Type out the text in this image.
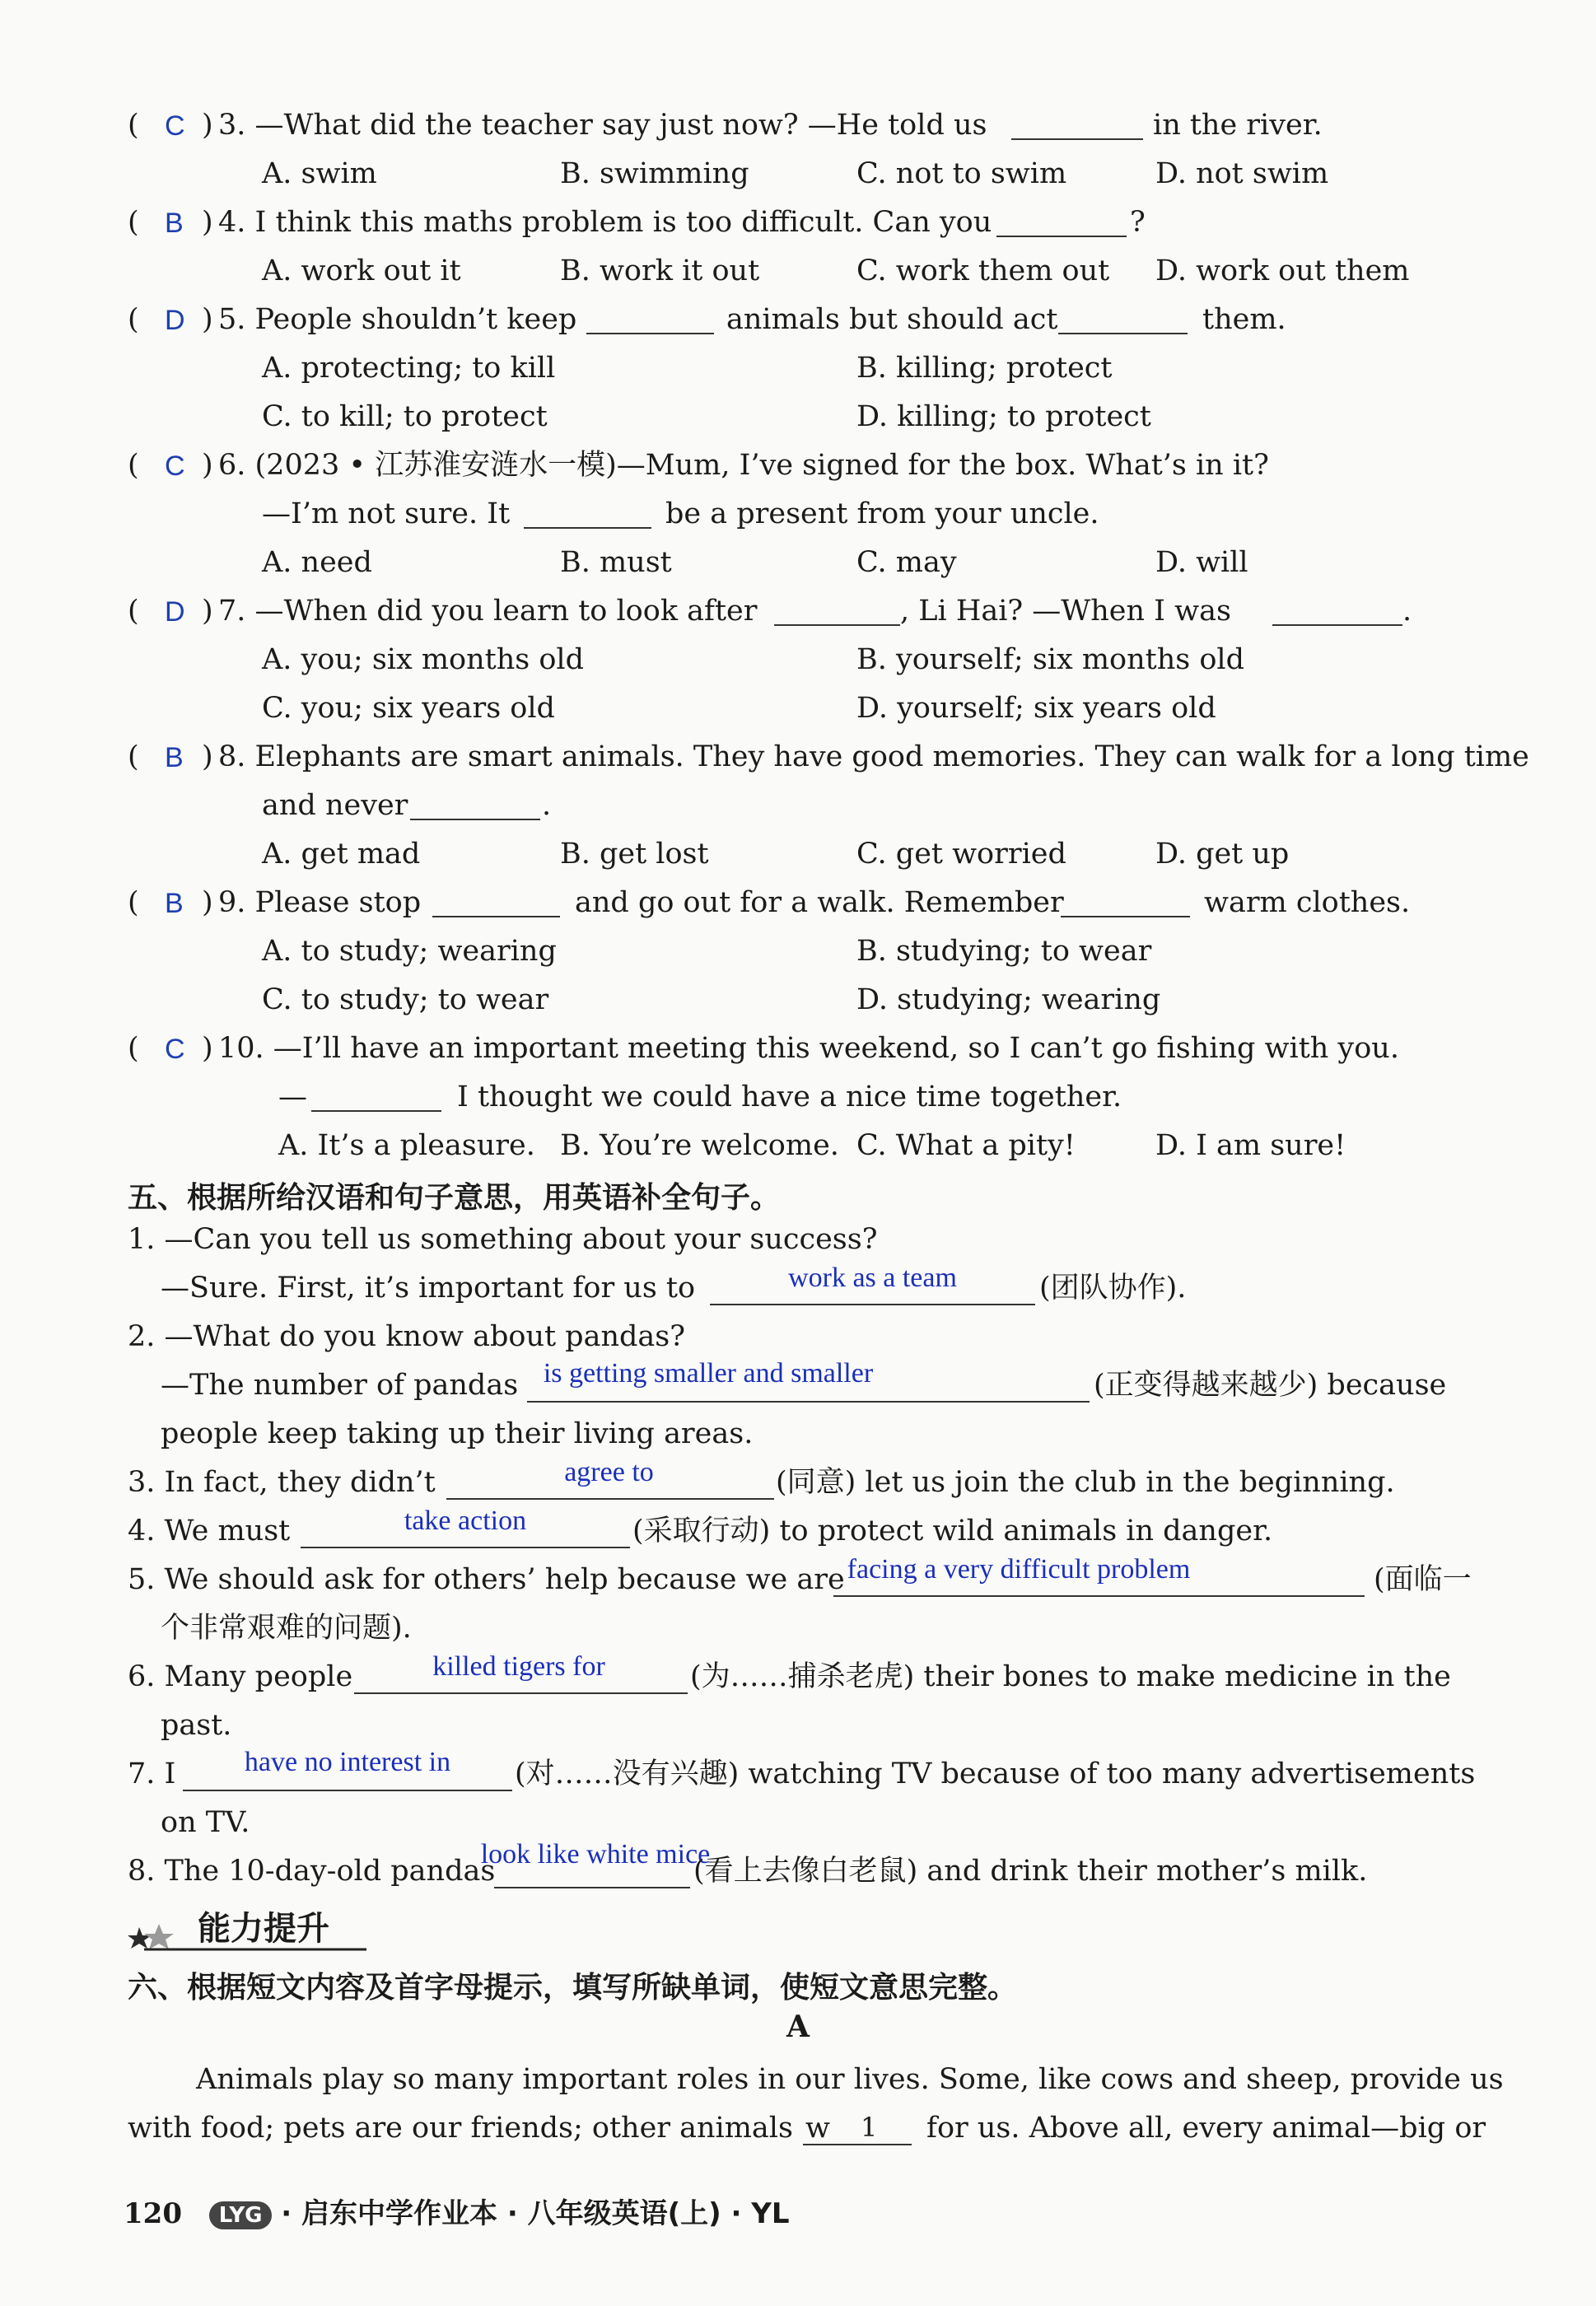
( C ) 3. —What did the teacher say just now? —He told us	in the river.
A. swim	B. swimming	C. not to swim	D. not swim
( B ) 4. I think this maths problem is too difficult. Can you	?
A. work out it	B. work it out	C. work them out D. work out them
( D ) 5. People shouldn’t keep	animals but should act	them.
A. protecting; to kill	B. killing; protect
C. to kill; to protect	D. killing; to protect
( C ) 6. (2023 • 江苏淮安涟水一模)—Mum, I’ve signed for the box. What’s in it?
—I’m not sure. It	be a present from your uncle.
A. need	B. must	C. may	D. will
( D ) 7. —When did you learn to look after	, Li Hai? —When I was	.
A. you; six months old	B. yourself; six months old
C. you; six years old	D. yourself; six years old
( B ) 8. Elephants are smart animals. They have good memories. They can walk for a long time
and never	.
A. get mad	B. get lost	C. get worried	D. get up
( B ) 9. Please stop	and go out for a walk. Remember	warm clothes.
A. to study; wearing	B. studying; to wear
C. to study; to wear	D. studying; wearing
( C ) 10. —I’ll have an important meeting this weekend, so I can’t go fishing with you.
—	I thought we could have a nice time together.
A. It’s a pleasure. B. You’re welcome. C. What a pity!	D. I am sure!
五、根据所给汉语和句子意思，用英语补全句子。
1. —Can you tell us something about your success?
—Sure. First, it’s important for us to	work as a team	(团队协作).
2. —What do you know about pandas?
—The number of pandas is getting smaller and smaller	(正变得越来越少) because
people keep taking up their living areas.
3. In fact, they didn’t	agree to	(同意) let us join the club in the beginning.
4. We must	take action	(采取行动) to protect wild animals in danger.
5. We should ask for others’ help because we are facing a very difficult problem	(面临一
个非常艰难的问题).
6. Many people	killed tigers for	(为……捕杀老虎) their bones to make medicine in the
past.
7. I	have no interest in	(对……没有兴趣) watching TV because of too many advertisements
on TV.
8. The 10-day-old pandas
look like white mice
(看上去像白老鼠) and drink their mother’s milk.
能力提升
六、根据短文内容及首字母提示，填写所缺单词，使短文意思完整。
A
Animals play so many important roles in our lives. Some, like cows and sheep, provide us
with food; pets are our friends; other animals w 1 for us. Above all, every animal—big or
120 LYG · 启东中学作业本 · 八年级英语(上) · YL
